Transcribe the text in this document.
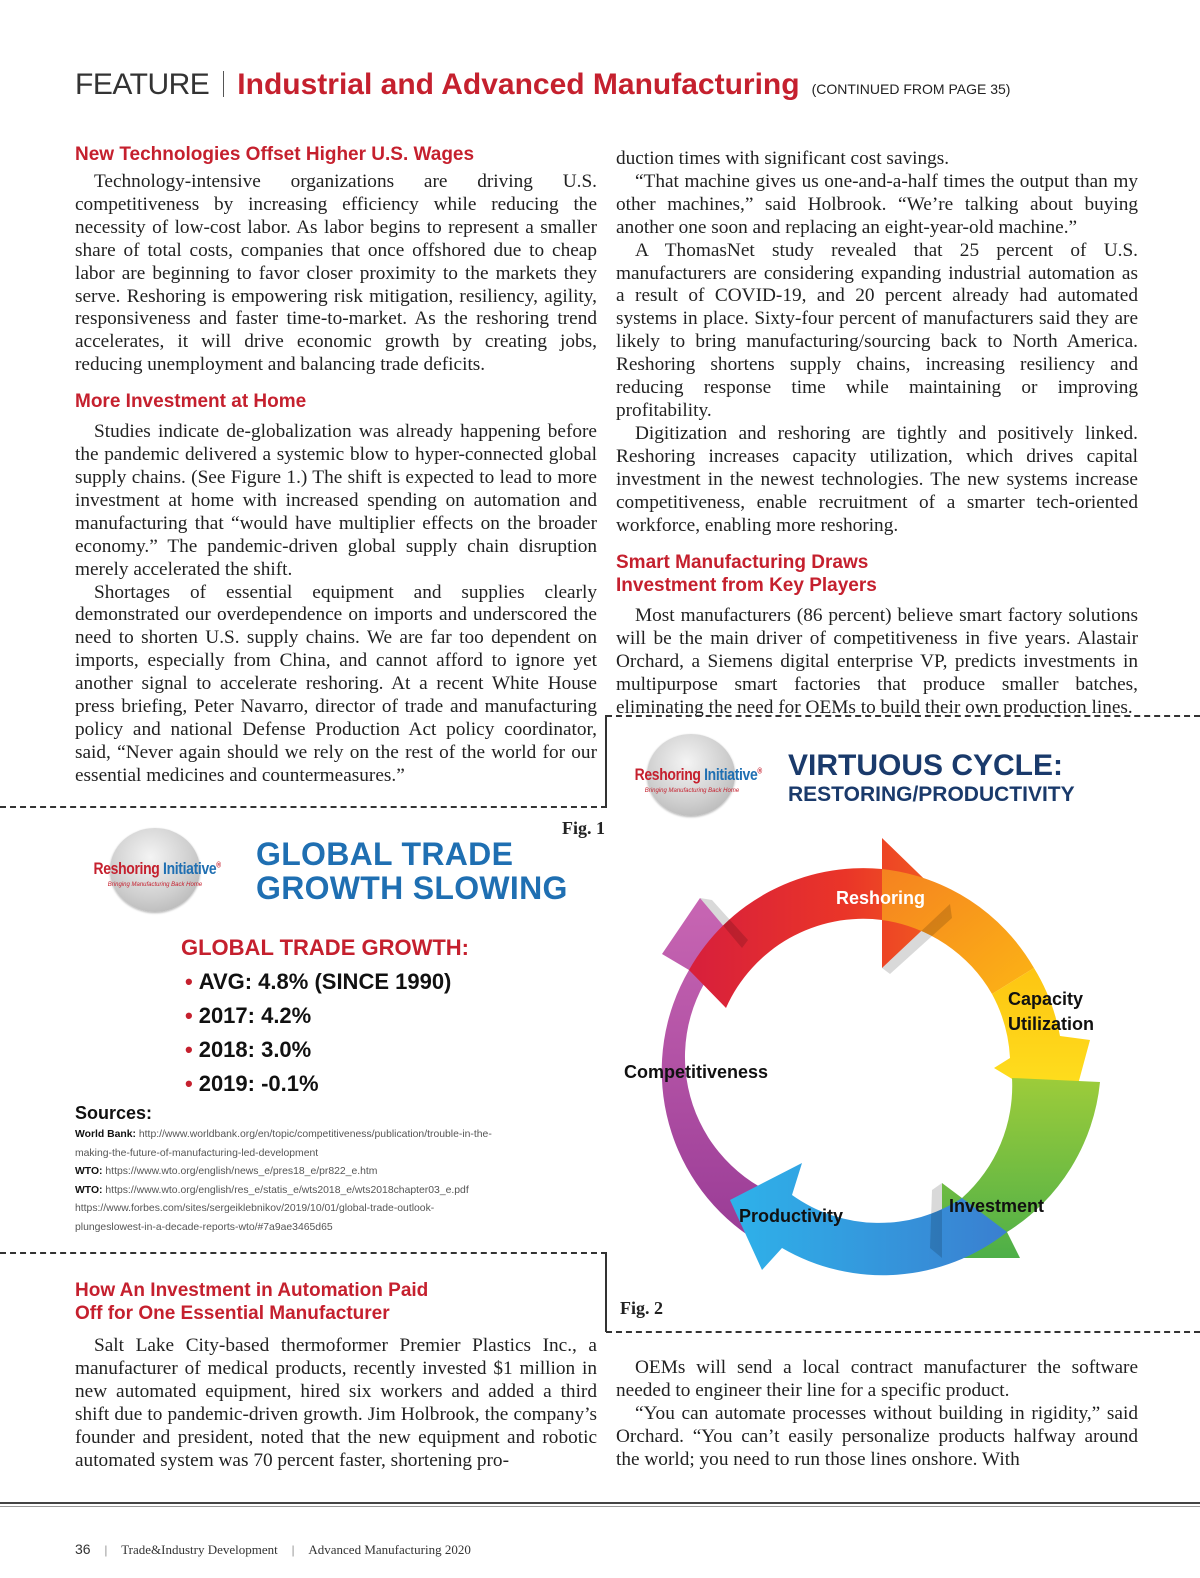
FEATURE Industrial and Advanced Manufacturing (CONTINUED FROM PAGE 35)
New Technologies Offset Higher U.S. Wages

Technology-intensive organizations are driving U.S. competitiveness by increasing efficiency while reducing the necessity of low-cost labor. As labor begins to represent a smaller share of total costs, companies that once offshored due to cheap labor are beginning to favor closer proximity to the markets they serve. Reshoring is empowering risk mitigation, resiliency, agility, responsiveness and faster time-to-market. As the reshoring trend accelerates, it will drive economic growth by creating jobs, reducing unemployment and balancing trade deficits.

More Investment at Home

Studies indicate de-globalization was already happening before the pandemic delivered a systemic blow to hyper-connected global supply chains. (See Figure 1.) The shift is expected to lead to more investment at home with increased spending on automation and manufacturing that “would have multiplier effects on the broader economy.” The pandemic-driven global supply chain disruption merely accelerated the shift.

Shortages of essential equipment and supplies clearly demonstrated our overdependence on imports and underscored the need to shorten U.S. supply chains. We are far too dependent on imports, especially from China, and cannot afford to ignore yet another signal to accelerate reshoring. At a recent White House press briefing, Peter Navarro, director of trade and manufacturing policy and national Defense Production Act policy coordinator, said, “Never again should we rely on the rest of the world for our essential medicines and countermeasures.”

duction times with significant cost savings.

“That machine gives us one-and-a-half times the output than my other machines,” said Holbrook. “We’re talking about buying another one soon and replacing an eight-year-old machine.”

A ThomasNet study revealed that 25 percent of U.S. manufacturers are considering expanding industrial automation as a result of COVID-19, and 20 percent already had automated systems in place. Sixty-four percent of manufacturers said they are likely to bring manufacturing/sourcing back to North America. Reshoring shortens supply chains, increasing resiliency and reducing response time while maintaining or improving profitability.

Digitization and reshoring are tightly and positively linked. Reshoring increases capacity utilization, which drives capital investment in the newest technologies. The new systems increase competitiveness, enable recruitment of a smarter tech-oriented workforce, enabling more reshoring.

Smart Manufacturing Draws
Investment from Key Players

Most manufacturers (86 percent) believe smart factory solutions will be the main driver of competitiveness in five years. Alastair Orchard, a Siemens digital enterprise VP, predicts investments in multipurpose smart factories that produce smaller batches, eliminating the need for OEMs to build their own production lines.

Fig. 1
Reshoring Initiative®
Bringing Manufacturing Back Home
GLOBAL TRADE
GROWTH SLOWING
GLOBAL TRADE GROWTH:
• AVG: 4.8% (SINCE 1990)
• 2017: 4.2%
• 2018: 3.0%
• 2019: -0.1%
Sources:
World Bank: http://www.worldbank.org/en/topic/competitiveness/publication/trouble-in-the-
making-the-future-of-manufacturing-led-development
WTO: https://www.wto.org/english/news_e/pres18_e/pr822_e.htm
WTO: https://www.wto.org/english/res_e/statis_e/wts2018_e/wts2018chapter03_e.pdf
https://www.forbes.com/sites/sergeiklebnikov/2019/10/01/global-trade-outlook-
plungeslowest-in-a-decade-reports-wto/#7a9ae3465d65
How An Investment in Automation Paid
Off for One Essential Manufacturer

Salt Lake City-based thermoformer Premier Plastics Inc., a manufacturer of medical products, recently invested $1 million in new automated equipment, hired six workers and added a third shift due to pandemic-driven growth. Jim Holbrook, the company’s founder and president, noted that the new equipment and robotic automated system was 70 percent faster, shortening pro-

Reshoring Initiative®
Bringing Manufacturing Back Home
VIRTUOUS CYCLE:
RESTORING/PRODUCTIVITY
Reshoring
Capacity
Utilization
Investment
Productivity
Competitiveness
Fig. 2

OEMs will send a local contract manufacturer the software needed to engineer their line for a specific product.

“You can automate processes without building in rigidity,” said Orchard. “You can’t easily personalize products halfway around the world; you need to run those lines onshore. With

36 | Trade&Industry Development | Advanced Manufacturing 2020
